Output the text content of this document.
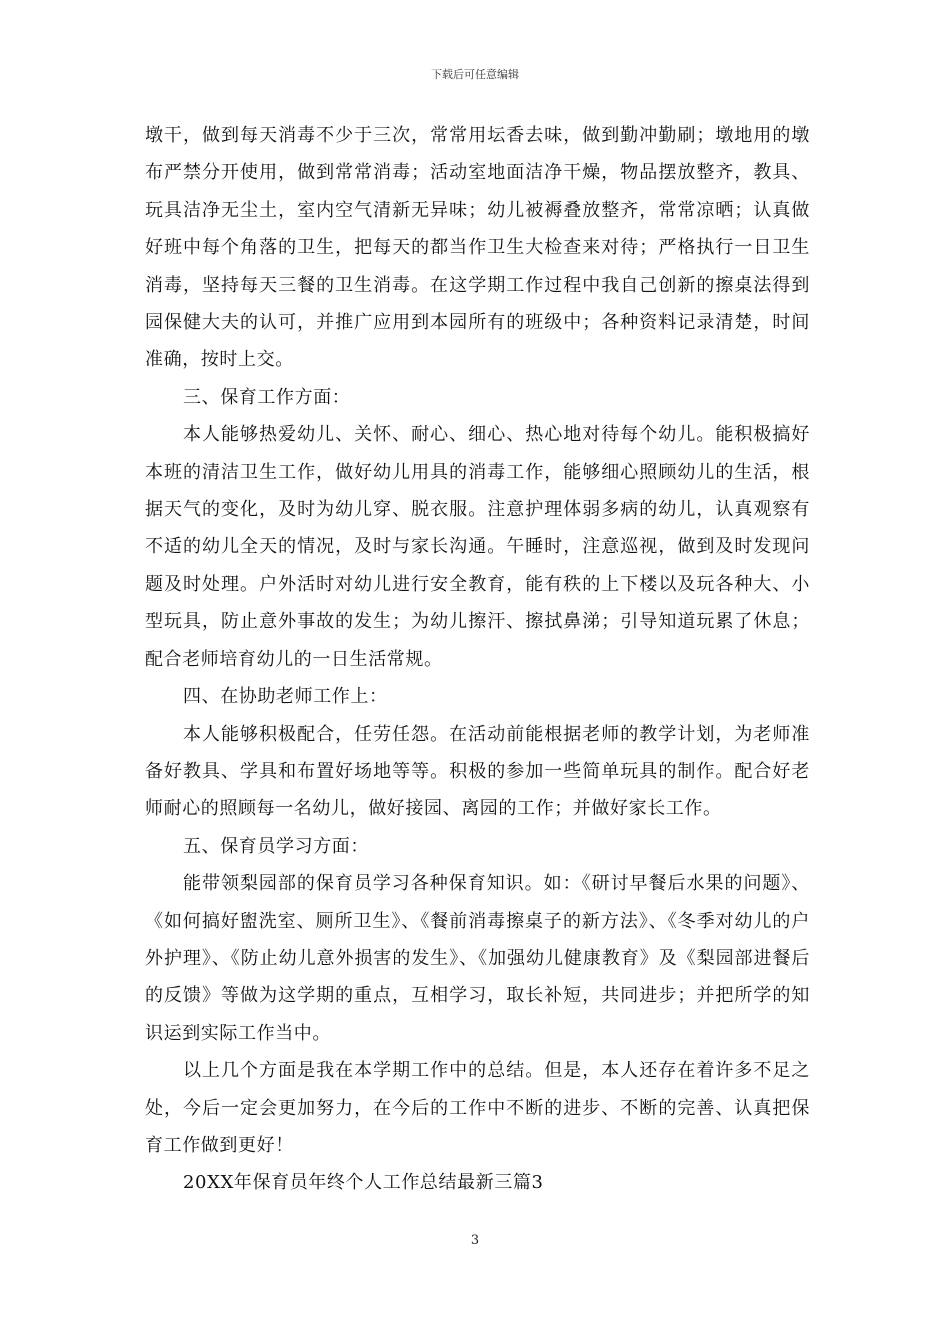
下载后可任意编辑

墩干，做到每天消毒不少于三次，常常用坛香去味，做到勤冲勤刷；墩地用的墩布严禁分开使用，做到常常消毒；活动室地面洁净干燥，物品摆放整齐，教具、玩具洁净无尘土，室内空气清新无异味；幼儿被褥叠放整齐，常常凉晒；认真做好班中每个角落的卫生，把每天的都当作卫生大检查来对待；严格执行一日卫生消毒，坚持每天三餐的卫生消毒。在这学期工作过程中我自己创新的擦桌法得到园保健大夫的认可，并推广应用到本园所有的班级中；各种资料记录清楚，时间准确，按时上交。

三、保育工作方面：

本人能够热爱幼儿、关怀、耐心、细心、热心地对待每个幼儿。能积极搞好本班的清洁卫生工作，做好幼儿用具的消毒工作，能够细心照顾幼儿的生活，根据天气的变化，及时为幼儿穿、脱衣服。注意护理体弱多病的幼儿，认真观察有不适的幼儿全天的情况，及时与家长沟通。午睡时，注意巡视，做到及时发现问题及时处理。户外活时对幼儿进行安全教育，能有秩的上下楼以及玩各种大、小型玩具，防止意外事故的发生；为幼儿擦汗、擦拭鼻涕；引导知道玩累了休息；配合老师培育幼儿的一日生活常规。

四、在协助老师工作上：

本人能够积极配合，任劳任怨。在活动前能根据老师的教学计划，为老师准备好教具、学具和布置好场地等等。积极的参加一些简单玩具的制作。配合好老师耐心的照顾每一名幼儿，做好接园、离园的工作；并做好家长工作。

五、保育员学习方面：

能带领梨园部的保育员学习各种保育知识。如：《研讨早餐后水果的问题》、《如何搞好盥洗室、厕所卫生》、《餐前消毒擦桌子的新方法》、《冬季对幼儿的户外护理》、《防止幼儿意外损害的发生》、《加强幼儿健康教育》及《梨园部进餐后的反馈》等做为这学期的重点，互相学习，取长补短，共同进步；并把所学的知识运到实际工作当中。

以上几个方面是我在本学期工作中的总结。但是，本人还存在着许多不足之处，今后一定会更加努力，在今后的工作中不断的进步、不断的完善、认真把保育工作做到更好！

20XX年保育员年终个人工作总结最新三篇3

3
